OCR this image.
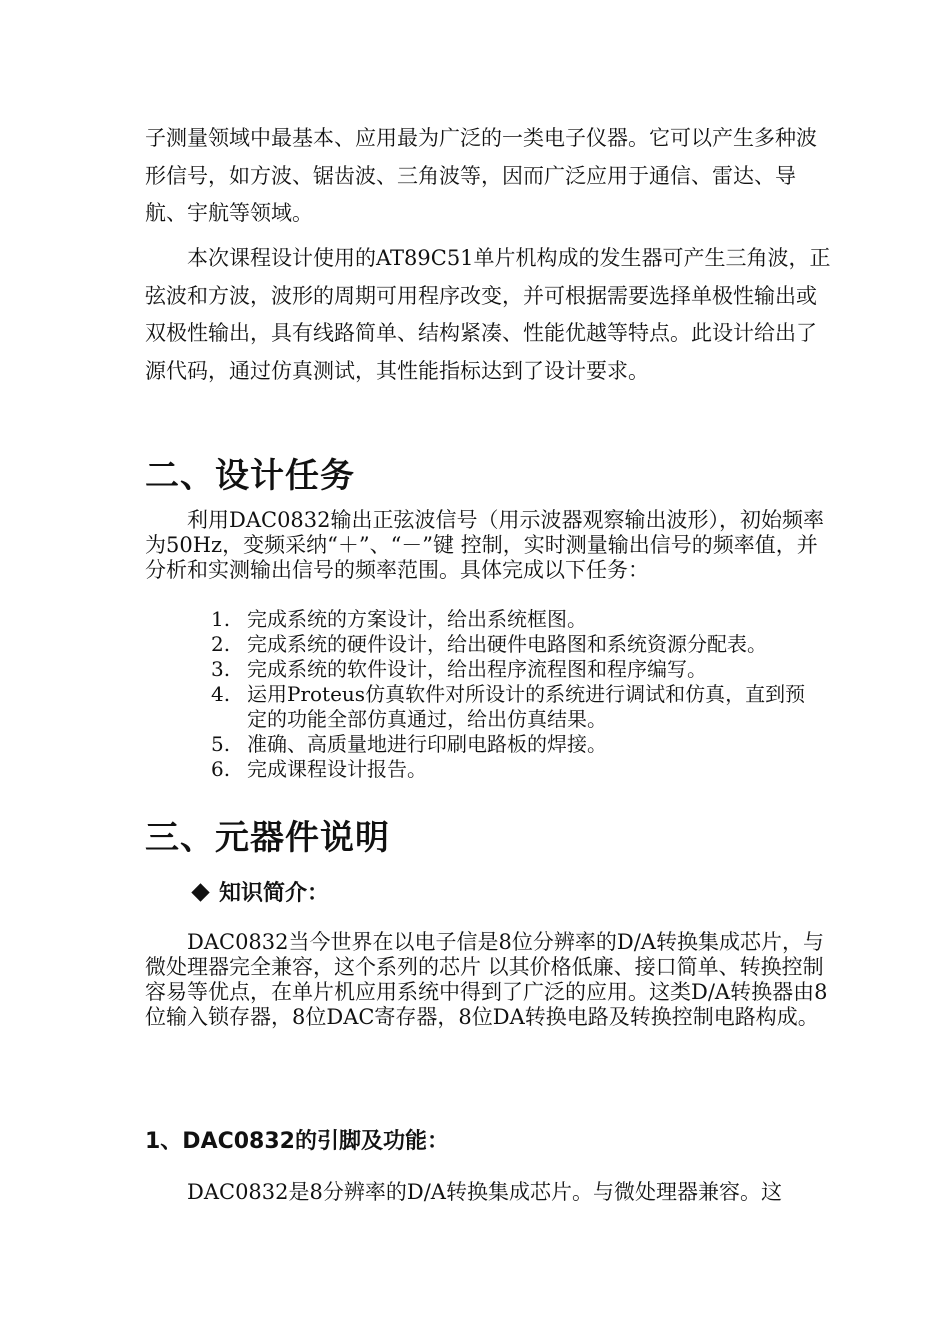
子测量领域中最基本、应用最为广泛的一类电子仪器。它可以产生多种波形信号，如方波、锯齿波、三角波等，因而广泛应用于通信、雷达、导航、宇航等领域。

本次课程设计使用的AT89C51单片机构成的发生器可产生三角波，正弦波和方波，波形的周期可用程序改变，并可根据需要选择单极性输出或双极性输出，具有线路简单、结构紧凑、性能优越等特点。此设计给出了源代码，通过仿真测试，其性能指标达到了设计要求。

二、设计任务

利用DAC0832输出正弦波信号（用示波器观察输出波形），初始频率为50Hz，变频采纳“＋”、“－”键 控制，实时测量输出信号的频率值，并分析和实测输出信号的频率范围。具体完成以下任务：

1. 完成系统的方案设计，给出系统框图。
2. 完成系统的硬件设计，给出硬件电路图和系统资源分配表。
3. 完成系统的软件设计，给出程序流程图和程序编写。
4. 运用Proteus仿真软件对所设计的系统进行调试和仿真，直到预定的功能全部仿真通过，给出仿真结果。
5. 准确、高质量地进行印刷电路板的焊接。
6. 完成课程设计报告。
三、元器件说明
知识简介：

DAC0832当今世界在以电子信是8位分辨率的D/A转换集成芯片，与微处理器完全兼容，这个系列的芯片 以其价格低廉、接口简单、转换控制容易等优点，在单片机应用系统中得到了广泛的应用。这类D/A转换器由8位输入锁存器，8位DAC寄存器，8位DA转换电路及转换控制电路构成。

1、DAC0832的引脚及功能：

DAC0832是8分辨率的D/A转换集成芯片。与微处理器兼容。这
